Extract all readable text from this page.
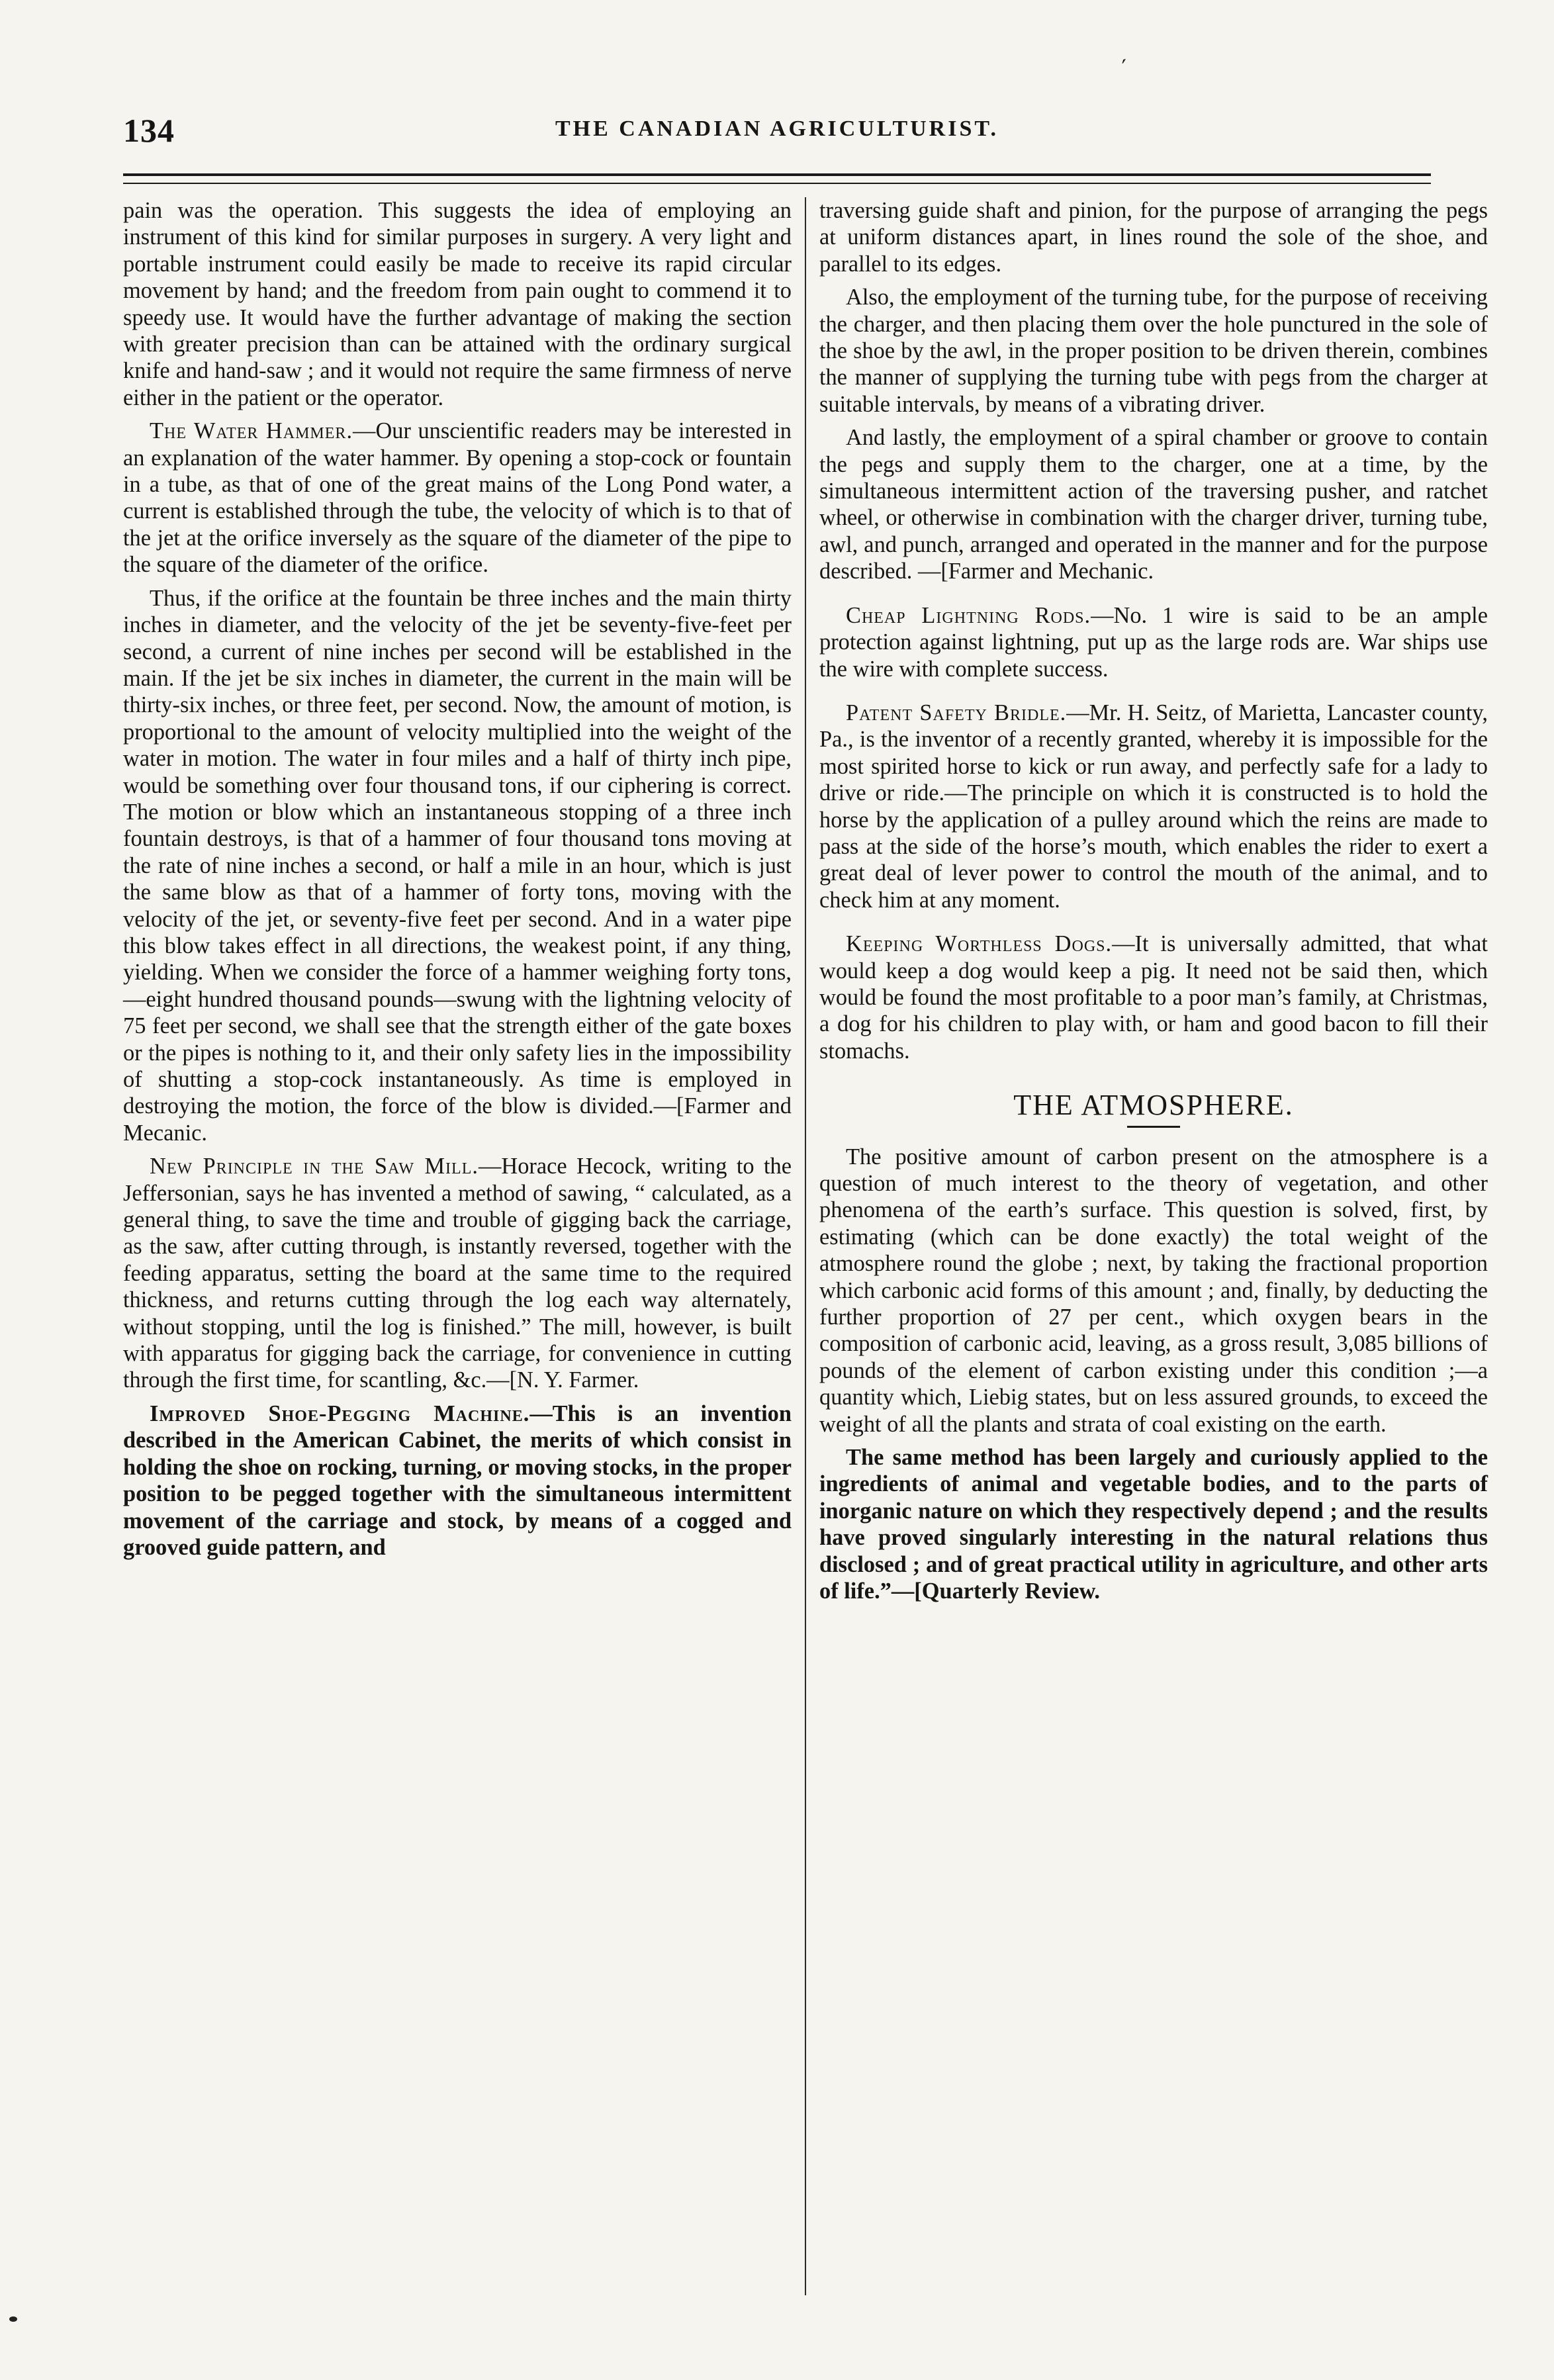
ˊ
134	THE CANADIAN AGRICULTURIST.

pain was the operation. This suggests the idea of employing an instrument of this kind for similar purposes in surgery. A very light and portable instrument could easily be made to receive its rapid circular movement by hand; and the freedom from pain ought to commend it to speedy use. It would have the further advantage of making the section with greater precision than can be attained with the ordinary surgical knife and hand-saw ; and it would not require the same firmness of nerve either in the patient or the operator.

The Water Hammer.—Our unscientific readers may be interested in an explanation of the water hammer. By opening a stop-cock or fountain in a tube, as that of one of the great mains of the Long Pond water, a current is established through the tube, the velocity of which is to that of the jet at the orifice inversely as the square of the diameter of the pipe to the square of the diameter of the orifice.

Thus, if the orifice at the fountain be three inches and the main thirty inches in diameter, and the velocity of the jet be seventy-five-feet per second, a current of nine inches per second will be established in the main. If the jet be six inches in diameter, the current in the main will be thirty-six inches, or three feet, per second. Now, the amount of motion, is proportional to the amount of velocity multiplied into the weight of the water in motion. The water in four miles and a half of thirty inch pipe, would be something over four thousand tons, if our ciphering is correct. The motion or blow which an instantaneous stopping of a three inch fountain destroys, is that of a hammer of four thousand tons moving at the rate of nine inches a second, or half a mile in an hour, which is just the same blow as that of a hammer of forty tons, moving with the velocity of the jet, or seventy-five feet per second. And in a water pipe this blow takes effect in all directions, the weakest point, if any thing, yielding. When we consider the force of a hammer weighing forty tons, —eight hundred thousand pounds—swung with the lightning velocity of 75 feet per second, we shall see that the strength either of the gate boxes or the pipes is nothing to it, and their only safety lies in the impossibility of shutting a stop-cock instantaneously. As time is employed in destroying the motion, the force of the blow is divided.—[Farmer and Mecanic.

New Principle in the Saw Mill.—Horace Hecock, writing to the Jeffersonian, says he has invented a method of sawing, “ calculated, as a general thing, to save the time and trouble of gigging back the carriage, as the saw, after cutting through, is instantly reversed, together with the feeding apparatus, setting the board at the same time to the required thickness, and returns cutting through the log each way alternately, without stopping, until the log is finished.” The mill, however, is built with apparatus for gigging back the carriage, for convenience in cutting through the first time, for scantling, &c.—[N. Y. Farmer.

Improved Shoe-Pegging Machine.—This is an invention described in the American Cabinet, the merits of which consist in holding the shoe on rocking, turning, or moving stocks, in the proper position to be pegged together with the simultaneous intermittent movement of the carriage and stock, by means of a cogged and grooved guide pattern, and

traversing guide shaft and pinion, for the purpose of arranging the pegs at uniform distances apart, in lines round the sole of the shoe, and parallel to its edges.

Also, the employment of the turning tube, for the purpose of receiving the charger, and then placing them over the hole punctured in the sole of the shoe by the awl, in the proper position to be driven therein, combines the manner of supplying the turning tube with pegs from the charger at suitable intervals, by means of a vibrating driver.

And lastly, the employment of a spiral chamber or groove to contain the pegs and supply them to the charger, one at a time, by the simultaneous intermittent action of the traversing pusher, and ratchet wheel, or otherwise in combination with the charger driver, turning tube, awl, and punch, arranged and operated in the manner and for the purpose described. —[Farmer and Mechanic.

Cheap Lightning Rods.—No. 1 wire is said to be an ample protection against lightning, put up as the large rods are. War ships use the wire with complete success.

Patent Safety Bridle.—Mr. H. Seitz, of Marietta, Lancaster county, Pa., is the inventor of a recently granted, whereby it is impossible for the most spirited horse to kick or run away, and perfectly safe for a lady to drive or ride.—The principle on which it is constructed is to hold the horse by the application of a pulley around which the reins are made to pass at the side of the horse’s mouth, which enables the rider to exert a great deal of lever power to control the mouth of the animal, and to check him at any moment.

Keeping Worthless Dogs.—It is universally admitted, that what would keep a dog would keep a pig. It need not be said then, which would be found the most profitable to a poor man’s family, at Christmas, a dog for his children to play with, or ham and good bacon to fill their stomachs.

THE ATMOSPHERE.

The positive amount of carbon present on the atmosphere is a question of much interest to the theory of vegetation, and other phenomena of the earth’s surface. This question is solved, first, by estimating (which can be done exactly) the total weight of the atmosphere round the globe ; next, by taking the fractional proportion which carbonic acid forms of this amount ; and, finally, by deducting the further proportion of 27 per cent., which oxygen bears in the composition of carbonic acid, leaving, as a gross result, 3,085 billions of pounds of the element of carbon existing under this condition ;—a quantity which, Liebig states, but on less assured grounds, to exceed the weight of all the plants and strata of coal existing on the earth.

The same method has been largely and curiously applied to the ingredients of animal and vegetable bodies, and to the parts of inorganic nature on which they respectively depend ; and the results have proved singularly interesting in the natural relations thus disclosed ; and of great practical utility in agriculture, and other arts of life.”—[Quarterly Review.
